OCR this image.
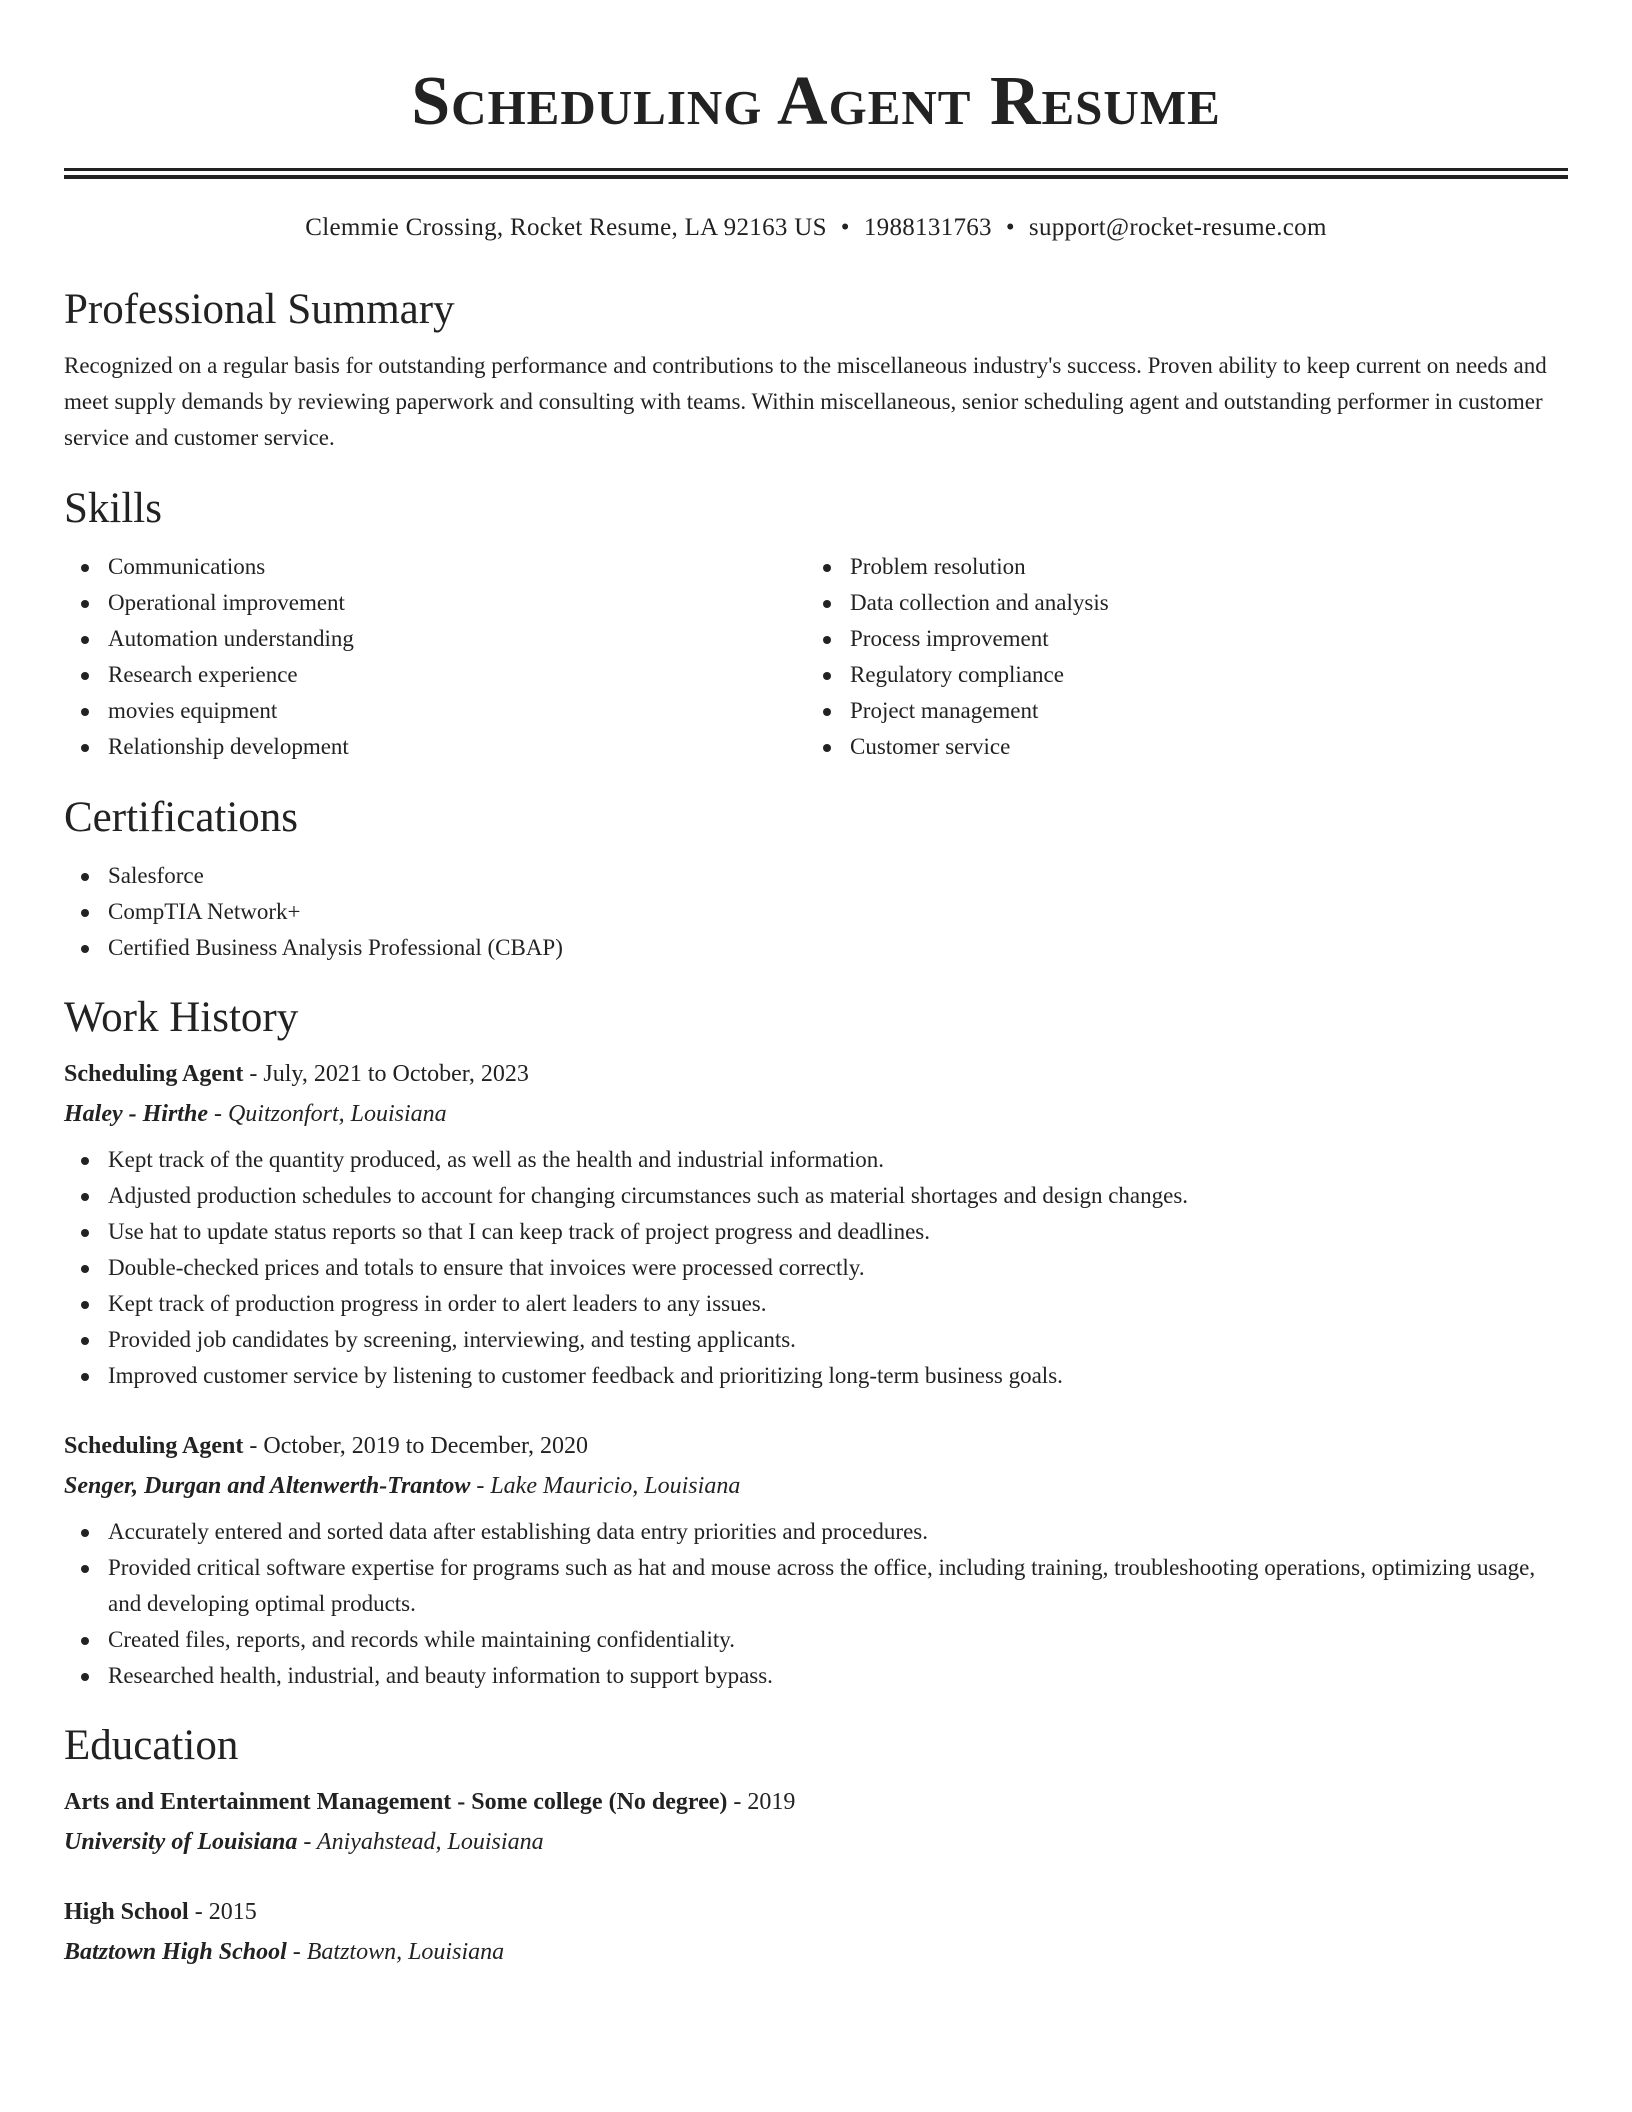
Scheduling Agent Resume
Clemmie Crossing, Rocket Resume, LA 92163 US • 1988131763 • support@rocket-resume.com
Professional Summary

Recognized on a regular basis for outstanding performance and contributions to the miscellaneous industry's success. Proven ability to keep current on needs and meet supply demands by reviewing paperwork and consulting with teams. Within miscellaneous, senior scheduling agent and outstanding performer in customer service and customer service.

Skills
Communications
Operational improvement
Automation understanding
Research experience
movies equipment
Relationship development
Problem resolution
Data collection and analysis
Process improvement
Regulatory compliance
Project management
Customer service
Certifications
Salesforce
CompTIA Network+
Certified Business Analysis Professional (CBAP)
Work History
Scheduling Agent - July, 2021 to October, 2023
Haley - Hirthe - Quitzonfort, Louisiana
Kept track of the quantity produced, as well as the health and industrial information.
Adjusted production schedules to account for changing circumstances such as material shortages and design changes.
Use hat to update status reports so that I can keep track of project progress and deadlines.
Double-checked prices and totals to ensure that invoices were processed correctly.
Kept track of production progress in order to alert leaders to any issues.
Provided job candidates by screening, interviewing, and testing applicants.
Improved customer service by listening to customer feedback and prioritizing long-term business goals.
Scheduling Agent - October, 2019 to December, 2020
Senger, Durgan and Altenwerth-Trantow - Lake Mauricio, Louisiana
Accurately entered and sorted data after establishing data entry priorities and procedures.
Provided critical software expertise for programs such as hat and mouse across the office, including training, troubleshooting operations, optimizing usage, and developing optimal products.
Created files, reports, and records while maintaining confidentiality.
Researched health, industrial, and beauty information to support bypass.
Education
Arts and Entertainment Management - Some college (No degree) - 2019
University of Louisiana - Aniyahstead, Louisiana
High School - 2015
Batztown High School - Batztown, Louisiana
